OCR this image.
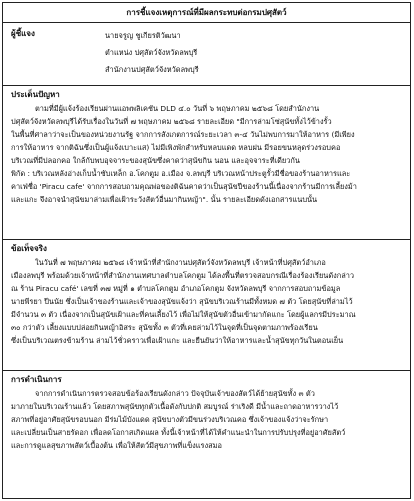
การชี้แจงเหตุการณ์ที่มีผลกระทบต่อกรมปศุสัตว์
ผู้ชี้แจง	นายจรูญ ชูเกียรติวัฒนา
ตำแหน่ง ปศุสัตว์จังหวัดลพบุรี
สำนักงานปศุสัตว์จังหวัดลพบุรี
ประเด็นปัญหา
ตามที่มีผู้แจ้งร้องเรียนผ่านแอพพลิเคชัน DLD ๔.๐ วันที่ ๖ พฤษภาคม ๒๕๖๘ โดยสำนักงาน
ปศุสัตว์จังหวัดลพบุรีได้รับเรื่องในวันที่ ๗ พฤษภาคม ๒๕๖๘ รายละเอียด "มีการล่ามโซ่สุนัขทั้งไว้ข้างรั้ว
ในพื้นที่ศาลาว่าจะเป็นของหน่วยงานรัฐ จากการสังเกตการณ์ระยะเวลา ๓-๔ วันไม่พบการมาให้อาหาร (มีเพียง
การให้อาหาร จากติฉันซึ่งเป็นผู้แจ้งเบาะแส) ไม่มีเพิงพักสำหรับหลบแดด หลบฝน มีรอยขนหลุดร่วงรอบคอ
บริเวณที่มีปลอกคอ ใกล้กับพบอุจจาระของสุนัขซึ่งคาดว่าสุนัขกิน นอน และอุจจาระที่เดียวกัน
พิกัด : บริเวณหลังอ่างเก็บน้ำซับเหล็ก อ.โคกตูม อ.เมือง จ.ลพบุรี บริเวณหน้าประตูรั้วมีชื่อของร้านอาหารและ
คาเฟ่ชื่อ 'Piracu cafe' จากการสอบถามคุณพ่อของติฉันคาดว่าเป็นสุนัขปีของร้านนี้เนื่องจากร้านมีการเลี้ยงม้า
และแกะ จึงอาจนำสุนัขมาล่ามเพื่อเฝ้าระวังสัตว์อื่นมากินหญ้า". นั้น รายละเอียดดังเอกสารแนบนั้น
ข้อเท็จจริง
ในวันที่ ๗ พฤษภาคม ๒๕๖๘ เจ้าหน้าที่สำนักงานปศุสัตว์จังหวัดลพบุรี เจ้าหน้าที่ปศุสัตว์อำเภอ
เมืองลพบุรี พร้อมด้วยเจ้าหน้าที่สำนักงานเทศบาลตำบลโคกตูม ได้ลงพื้นที่ตรวจสอบกรณีเรื่องร้องเรียนดังกล่าว
ณ ร้าน Piracu café' เลขที่ ๓๗ หมู่ที่ ๑ ตำบลโคกตูม อำเภอโคกตูม จังหวัดลพบุรี จากการสอบถามข้อมูล
นายพีรยา ปีนนัย ซึ่งเป็นเจ้าของร้านและเจ้าของสุนัขแจ้งว่า สุนัขบริเวณร้านมีทั้งหมด ๗ ตัว โดยสุนัขที่ล่ามไว้
มีจำนวน ๓ ตัว เนื่องจากเป็นสุนัขเฝ้าและที่คนเลี้ยงไว้ เพื่อไม่ให้สุนัขตัวอื่นเข้ามากัดแกะ โดยผู้แลกรมีประมาณ
๓๐ กว่าตัว เลี้ยงแบบปล่อยกินหญ้าอิสระ สุนัขทั้ง ๓ ตัวที่เคยล่ามไว้ในจุดที่เป็นจุดตามภาพร้องเรียน
ซึ่งเป็นบริเวณตรงข้ามร้าน ล่ามไว้ชั่วคราวเพื่อเฝ้าแกะ และยืนยันว่าให้อาหารและน้ำสุนัขทุกวันในตอนเย็น
การดำเนินการ
จากการดำเนินการตรวจสอบข้อร้องเรียนดังกล่าว ปัจจุบันเจ้าของสัตว์ได้ย้ายสุนัขทั้ง ๓ ตัว
มาภายในบริเวณร้านแล้ว โดยสภาพสุนัขทุกตัวเนื้อดังกับปกติ สมบูรณ์ ร่าเริงดี มีน้ำและถาดอาหารวางไว้
สภาพที่อยู่อาศัยสุนัขรอบนอก มีร่มไม้บังแดด สุนัขบางตัวมีขนร่วงบริเวณคอ ซึ่งเจ้าของแจ้งว่าจะรักษา
และเปลี่ยนเป็นสายรัดอก เพื่อลดโอกาสเกิดแผล ทั้งนี้เจ้าหน้าที่ได้ให้คำแนะนำในการปรับปรุงที่อยู่อาศัยสัตว์
และการดูแลสุขภาพสัตว์เบื้องต้น เพื่อให้สัตว์มีสุขภาพที่แข็งแรงสมอ
